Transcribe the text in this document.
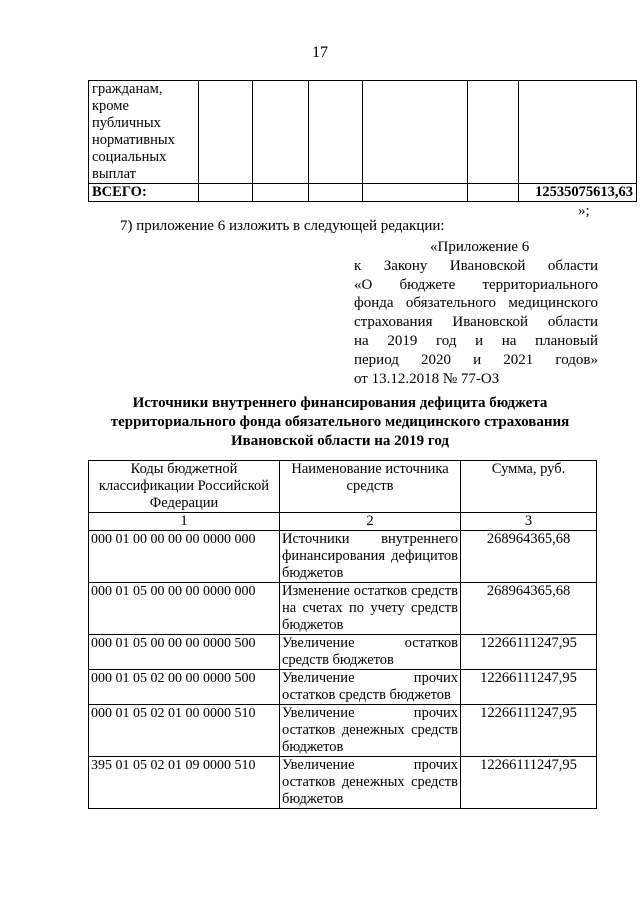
17
гражданам, кроме публичных нормативных социальных выплат						
ВСЕГО:						12535075613,63
»;
7) приложение 6 изложить в следующей редакции:
«Приложение 6
к Закону Ивановской области
«О бюджете территориального
фонда обязательного медицинского
страхования Ивановской области
на 2019 год и на плановый
период 2020 и 2021 годов»
от 13.12.2018 № 77-ОЗ
Источники внутреннего финансирования дефицита бюджета
территориального фонда обязательного медицинского страхования
Ивановской области на 2019 год
Коды бюджетной классификации Российской Федерации	Наименование источника средств	Сумма, руб.
1	2	3
000 01 00 00 00 00 0000 000	Источники внутреннего финансирования дефицитов бюджетов	268964365,68
000 01 05 00 00 00 0000 000	Изменение остатков средств на счетах по учету средств бюджетов	268964365,68
000 01 05 00 00 00 0000 500	Увеличение остатков средств бюджетов	12266111247,95
000 01 05 02 00 00 0000 500	Увеличение прочих остатков средств бюджетов	12266111247,95
000 01 05 02 01 00 0000 510	Увеличение прочих остатков денежных средств бюджетов	12266111247,95
395 01 05 02 01 09 0000 510	Увеличение прочих остатков денежных средств бюджетов	12266111247,95
